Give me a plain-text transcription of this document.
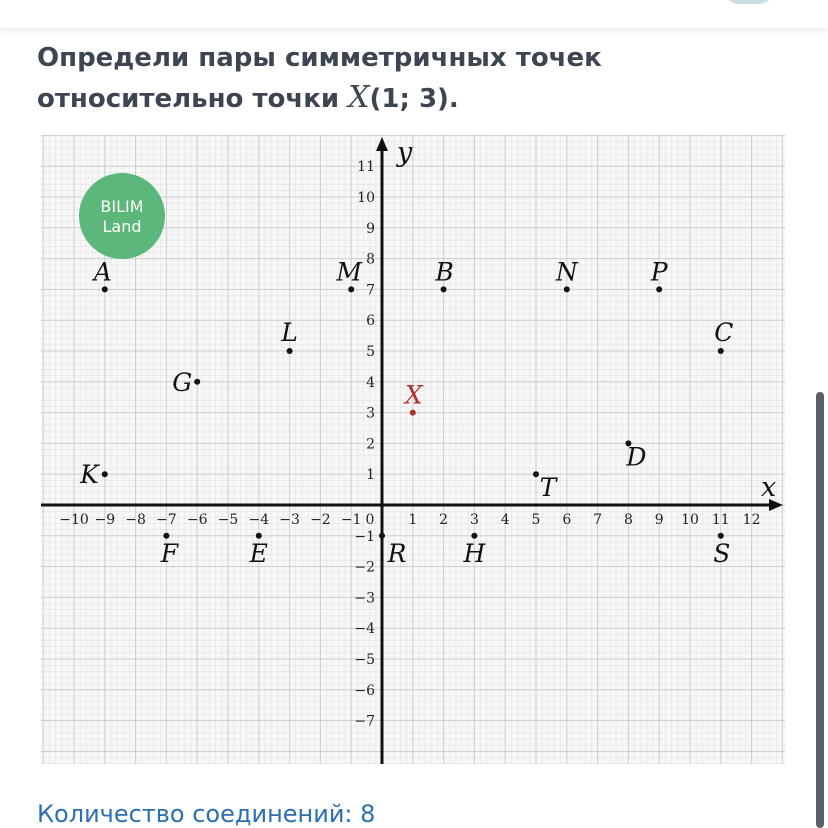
Определи пары симметричных точек
относительно точки X(1; 3).
BILIM
Land
x
y
−10 −9 −8 −7 −6 −5 −4 −3 −2 −1 0 1 2 3 4 5 6 7 8 9 10 11 12
−7
−6
−5
−4
−3
−2
−1
1
2
3
4
5
6
7
8
9
10
11
A	M	B	N	P
L	C
G	X
D
K	T
F	E	R H	S
Количество соединений: 8
